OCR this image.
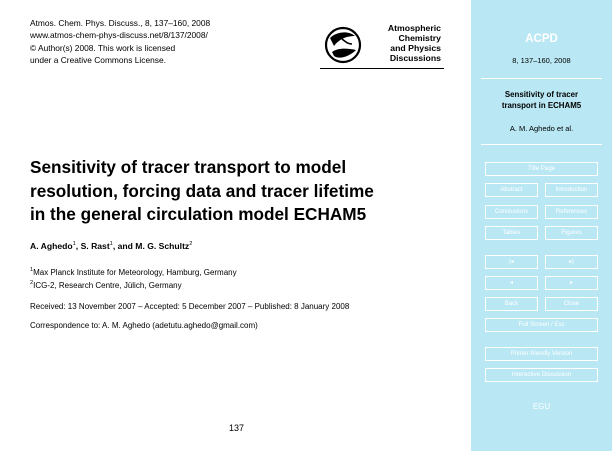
Atmos. Chem. Phys. Discuss., 8, 137–160, 2008
www.atmos-chem-phys-discuss.net/8/137/2008/
© Author(s) 2008. This work is licensed
under a Creative Commons License.
Atmospheric
Chemistry
and Physics
Discussions
Sensitivity of tracer transport to model
resolution, forcing data and tracer lifetime
in the general circulation model ECHAM5
A. Aghedo$^1$, S. Rast$^1$, and M. G. Schultz$^2$
$^1$Max Planck Institute for Meteorology, Hamburg, Germany
$^2$ICG-2, Research Centre, Jülich, Germany
Received: 13 November 2007 – Accepted: 5 December 2007 – Published: 8 January 2008
Correspondence to: A. M. Aghedo (adetutu.aghedo@gmail.com)
137
ACPD
8, 137–160, 2008
Sensitivity of tracer
transport in ECHAM5
A. M. Aghedo et al.
Title Page
Abstract	Introduction
Conclusions	References
Tables	Figures
|◂	▸|
◂	▸
Back	Close
Full Screen / Esc
Printer-friendly Version
Interactive Discussion
EGU
